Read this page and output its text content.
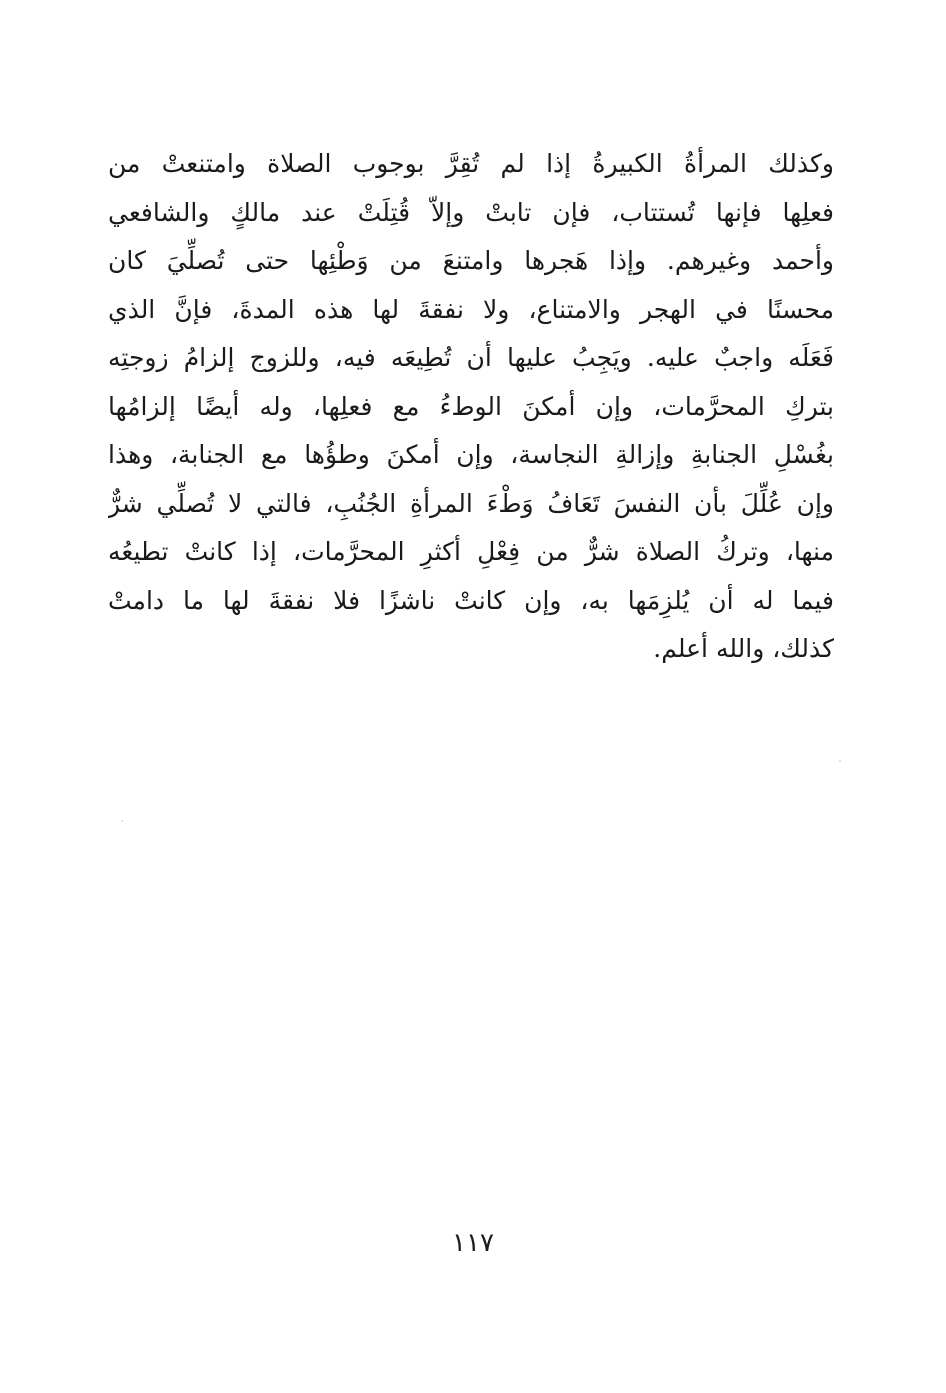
وكذلك المرأةُ الكبيرةُ إذا لم تُقِرَّ بوجوب الصلاة وامتنعتْ من
فعلِها فإنها تُستتاب، فإن تابتْ وإلاّ قُتِلَتْ عند مالكٍ والشافعي
وأحمد وغيرهم. وإذا هَجرها وامتنعَ من وَطْئِها حتى تُصلِّيَ كان
محسنًا في الهجر والامتناع، ولا نفقةَ لها هذه المدةَ، فإنَّ الذي
فَعَلَه واجبٌ عليه. ويَجِبُ عليها أن تُطِيعَه فيه، وللزوج إلزامُ زوجتِه
بتركِ المحرَّمات، وإن أمكنَ الوطءُ مع فعلِها، وله أيضًا إلزامُها
بغُسْلِ الجنابةِ وإزالةِ النجاسة، وإن أمكنَ وطؤُها مع الجنابة، وهذا
وإن عُلِّلَ بأن النفسَ تَعَافُ وَطْءَ المرأةِ الجُنُبِ، فالتي لا تُصلِّي شرٌّ
منها، وتركُ الصلاة شرٌّ من فِعْلِ أكثرِ المحرَّمات، إذا كانتْ تطيعُه
فيما له أن يُلزِمَها به، وإن كانتْ ناشزًا فلا نفقةَ لها ما دامتْ
كذلك، والله أعلم.
١١٧
